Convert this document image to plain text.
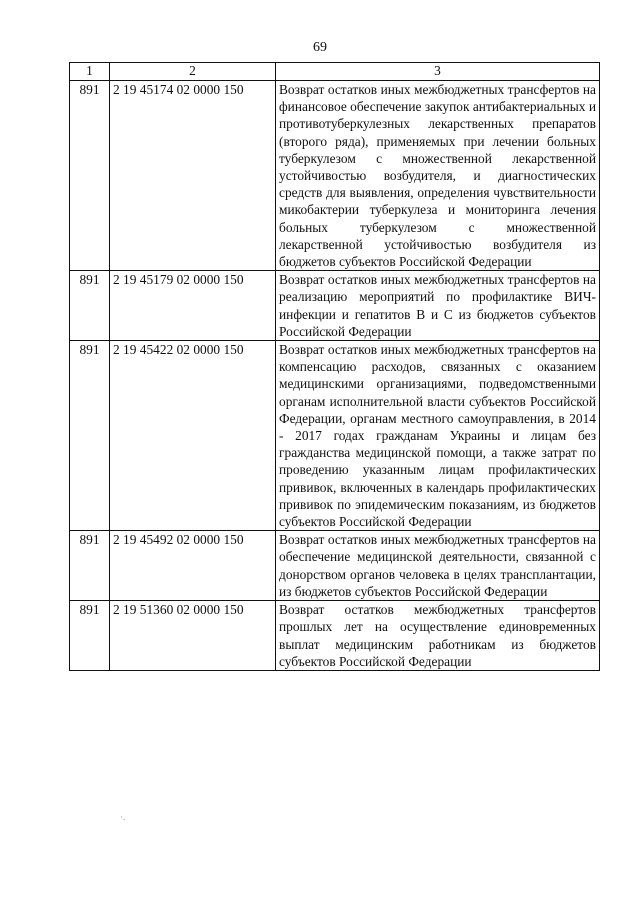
69
1	2	3
891	2 19 45174 02 0000 150	Возврат остатков иных межбюджетных трансфертов на финансовое обеспечение закупок антибактериальных и противотуберкулезных лекарственных препаратов (второго ряда), применяемых при лечении больных туберкулезом с множественной лекарственной устойчивостью возбудителя, и диагностических средств для выявления, определения чувствительности микобактерии туберкулеза и мониторинга лечения больных туберкулезом с множественной лекарственной устойчивостью возбудителя из бюджетов субъектов Российской Федерации
891	2 19 45179 02 0000 150	Возврат остатков иных межбюджетных трансфертов на реализацию мероприятий по профилактике ВИЧ-инфекции и гепатитов B и C из бюджетов субъектов Российской Федерации
891	2 19 45422 02 0000 150	Возврат остатков иных межбюджетных трансфертов на компенсацию расходов, связанных с оказанием медицинскими организациями, подведомственными органам исполнительной власти субъектов Российской Федерации, органам местного самоуправления, в 2014 - 2017 годах гражданам Украины и лицам без гражданства медицинской помощи, а также затрат по проведению указанным лицам профилактических прививок, включенных в календарь профилактических прививок по эпидемическим показаниям, из бюджетов субъектов Российской Федерации
891	2 19 45492 02 0000 150	Возврат остатков иных межбюджетных трансфертов на обеспечение медицинской деятельности, связанной с донорством органов человека в целях трансплантации, из бюджетов субъектов Российской Федерации
891	2 19 51360 02 0000 150	Возврат остатков межбюджетных трансфертов прошлых лет на осуществление единовременных выплат медицинским работникам из бюджетов субъектов Российской Федерации
·.
